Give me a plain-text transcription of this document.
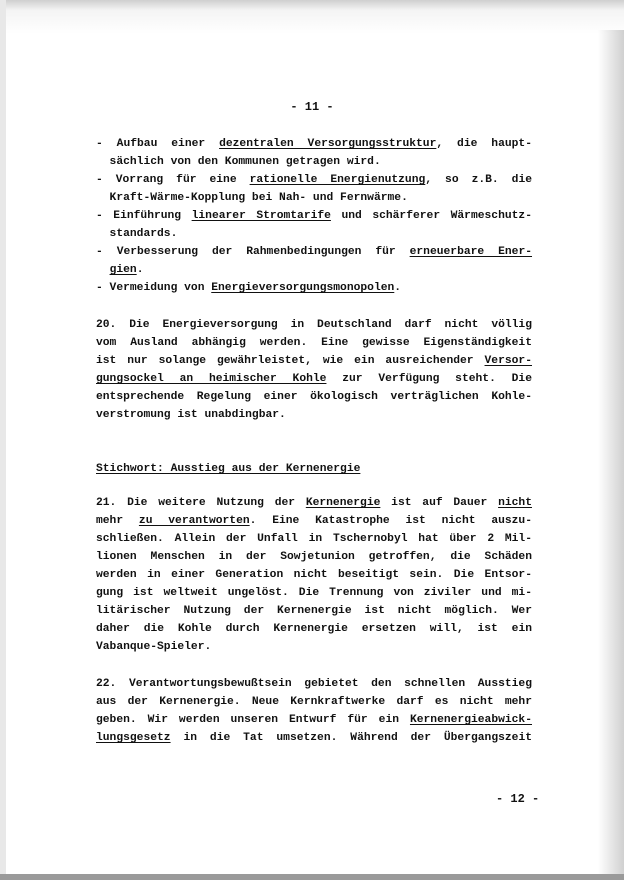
- 11 -
- Aufbau einer dezentralen Versorgungsstruktur, die haupt-
sächlich von den Kommunen getragen wird.
- Vorrang für eine rationelle Energienutzung, so z.B. die
Kraft-Wärme-Kopplung bei Nah- und Fernwärme.
- Einführung linearer Stromtarife und schärferer Wärmeschutz-
standards.
- Verbesserung der Rahmenbedingungen für erneuerbare Ener-
gien.
- Vermeidung von Energieversorgungsmonopolen.
20. Die Energieversorgung in Deutschland darf nicht völlig
vom Ausland abhängig werden. Eine gewisse Eigenständigkeit
ist nur solange gewährleistet, wie ein ausreichender Versor-
gungsockel an heimischer Kohle zur Verfügung steht. Die
entsprechende Regelung einer ökologisch verträglichen Kohle-
verstromung ist unabdingbar.
Stichwort: Ausstieg aus der Kernenergie
21. Die weitere Nutzung der Kernenergie ist auf Dauer nicht
mehr zu verantworten. Eine Katastrophe ist nicht auszu-
schließen. Allein der Unfall in Tschernobyl hat über 2 Mil-
lionen Menschen in der Sowjetunion getroffen, die Schäden
werden in einer Generation nicht beseitigt sein. Die Entsor-
gung ist weltweit ungelöst. Die Trennung von ziviler und mi-
litärischer Nutzung der Kernenergie ist nicht möglich. Wer
daher die Kohle durch Kernenergie ersetzen will, ist ein
Vabanque-Spieler.
22. Verantwortungsbewußtsein gebietet den schnellen Ausstieg
aus der Kernenergie. Neue Kernkraftwerke darf es nicht mehr
geben. Wir werden unseren Entwurf für ein Kernenergieabwick-
lungsgesetz in die Tat umsetzen. Während der Übergangszeit
- 12 -
